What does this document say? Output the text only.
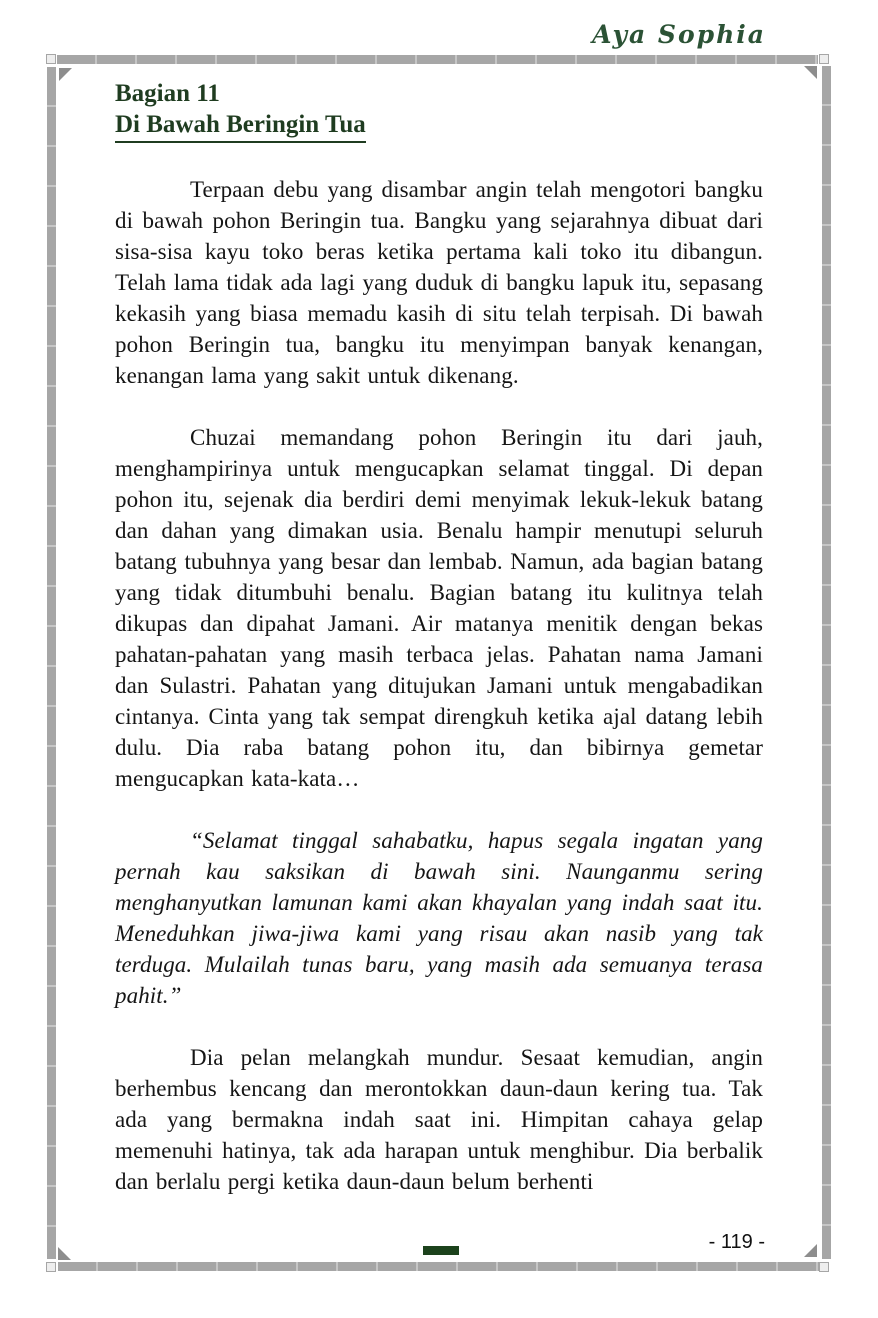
Aya Sophia
Bagian 11
Di Bawah Beringin Tua

Terpaan debu yang disambar angin telah mengotori bangku di bawah pohon Beringin tua. Bangku yang sejarahnya dibuat dari sisa-sisa kayu toko beras ketika pertama kali toko itu dibangun. Telah lama tidak ada lagi yang duduk di bangku lapuk itu, sepasang kekasih yang biasa memadu kasih di situ telah terpisah. Di bawah pohon Beringin tua, bangku itu menyimpan banyak kenangan, kenangan lama yang sakit untuk dikenang.

Chuzai memandang pohon Beringin itu dari jauh, menghampirinya untuk mengucapkan selamat tinggal. Di depan pohon itu, sejenak dia berdiri demi menyimak lekuk-lekuk batang dan dahan yang dimakan usia. Benalu hampir menutupi seluruh batang tubuhnya yang besar dan lembab. Namun, ada bagian batang yang tidak ditumbuhi benalu. Bagian batang itu kulitnya telah dikupas dan dipahat Jamani. Air matanya menitik dengan bekas pahatan-pahatan yang masih terbaca jelas. Pahatan nama Jamani dan Sulastri. Pahatan yang ditujukan Jamani untuk mengabadikan cintanya. Cinta yang tak sempat direngkuh ketika ajal datang lebih dulu. Dia raba batang pohon itu, dan bibirnya gemetar mengucapkan kata-kata…

“Selamat tinggal sahabatku, hapus segala ingatan yang pernah kau saksikan di bawah sini. Naunganmu sering menghanyutkan lamunan kami akan khayalan yang indah saat itu. Meneduhkan jiwa-jiwa kami yang risau akan nasib yang tak terduga. Mulailah tunas baru, yang masih ada semuanya terasa pahit.”

Dia pelan melangkah mundur. Sesaat kemudian, angin berhembus kencang dan merontokkan daun-daun kering tua. Tak ada yang bermakna indah saat ini. Himpitan cahaya gelap memenuhi hatinya, tak ada harapan untuk menghibur. Dia berbalik dan berlalu pergi ketika daun-daun belum berhenti

- 119 -
